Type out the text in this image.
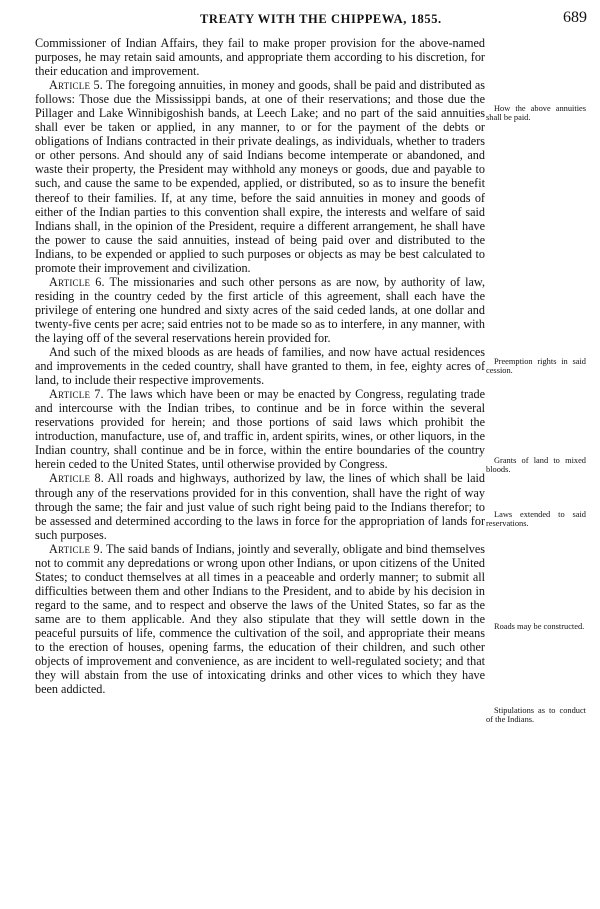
TREATY WITH THE CHIPPEWA, 1855.	689

Commissioner of Indian Affairs, they fail to make proper provision for the above-named purposes, he may retain said amounts, and appropriate them according to his discretion, for their education and improvement.

Article 5. The foregoing annuities, in money and goods, shall be paid and distributed as follows: Those due the Mississippi bands, at one of their reservations; and those due the Pillager and Lake Winnibigoshish bands, at Leech Lake; and no part of the said annuities shall ever be taken or applied, in any manner, to or for the payment of the debts or obligations of Indians contracted in their private dealings, as individuals, whether to traders or other persons. And should any of said Indians become intemperate or abandoned, and waste their property, the President may withhold any moneys or goods, due and payable to such, and cause the same to be expended, applied, or distributed, so as to insure the benefit thereof to their families. If, at any time, before the said annuities in money and goods of either of the Indian parties to this convention shall expire, the interests and welfare of said Indians shall, in the opinion of the President, require a different arrangement, he shall have the power to cause the said annuities, instead of being paid over and distributed to the Indians, to be expended or applied to such purposes or objects as may be best calculated to promote their improvement and civilization.

Article 6. The missionaries and such other persons as are now, by authority of law, residing in the country ceded by the first article of this agreement, shall each have the privilege of entering one hundred and sixty acres of the said ceded lands, at one dollar and twenty-five cents per acre; said entries not to be made so as to interfere, in any manner, with the laying off of the several reservations herein provided for.

And such of the mixed bloods as are heads of families, and now have actual residences and improvements in the ceded country, shall have granted to them, in fee, eighty acres of land, to include their respective improvements.

Article 7. The laws which have been or may be enacted by Congress, regulating trade and intercourse with the Indian tribes, to continue and be in force within the several reservations provided for herein; and those portions of said laws which prohibit the introduction, manufacture, use of, and traffic in, ardent spirits, wines, or other liquors, in the Indian country, shall continue and be in force, within the entire boundaries of the country herein ceded to the United States, until otherwise provided by Congress.

Article 8. All roads and highways, authorized by law, the lines of which shall be laid through any of the reservations provided for in this convention, shall have the right of way through the same; the fair and just value of such right being paid to the Indians therefor; to be assessed and determined according to the laws in force for the appropriation of lands for such purposes.

Article 9. The said bands of Indians, jointly and severally, obligate and bind themselves not to commit any depredations or wrong upon other Indians, or upon citizens of the United States; to conduct themselves at all times in a peaceable and orderly manner; to submit all difficulties between them and other Indians to the President, and to abide by his decision in regard to the same, and to respect and observe the laws of the United States, so far as the same are to them applicable. And they also stipulate that they will settle down in the peaceful pursuits of life, commence the cultivation of the soil, and appropriate their means to the erection of houses, opening farms, the education of their children, and such other objects of improvement and convenience, as are incident to well-regulated society; and that they will abstain from the use of intoxicating drinks and other vices to which they have been addicted.

How the above annuities shall be paid.
Preemption rights in said cession.
Grants of land to mixed bloods.
Laws extended to said reservations.
Roads may be constructed.
Stipulations as to conduct of the Indians.
